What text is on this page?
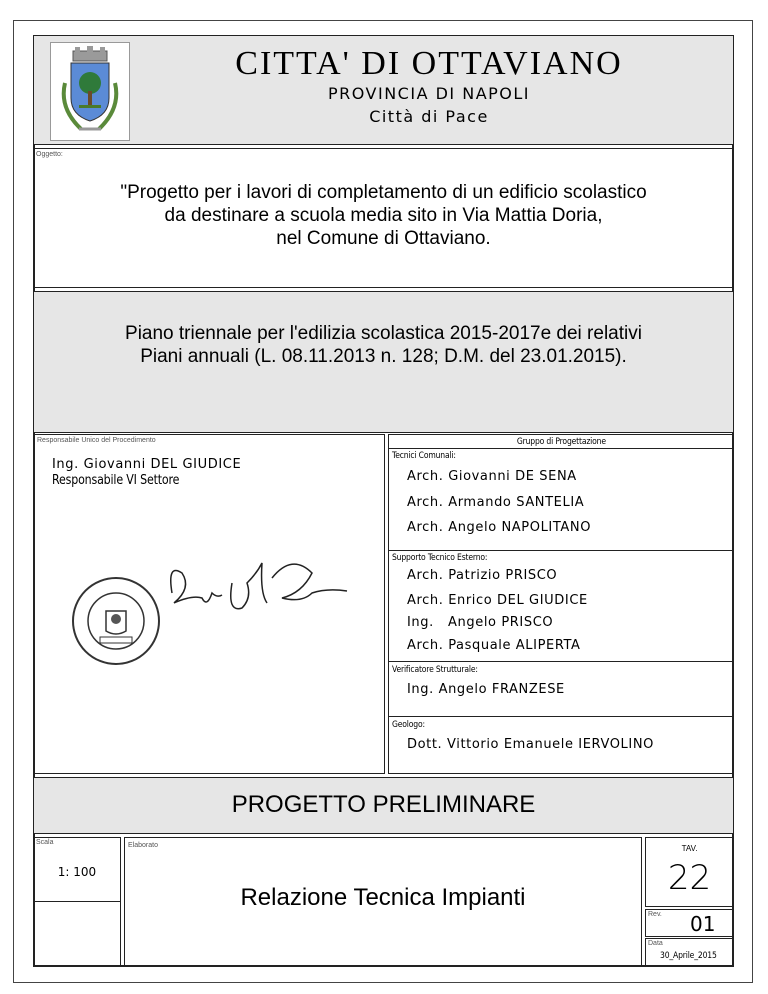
CITTA' DI OTTAVIANO
PROVINCIA DI NAPOLI
Città di Pace
Oggetto:
"Progetto per i lavori di completamento di un edificio scolastico
da destinare a scuola media sito in Via Mattia Doria,
nel Comune di Ottaviano.
Piano triennale per l'edilizia scolastica 2015-2017e dei relativi
Piani annuali (L. 08.11.2013 n. 128; D.M. del 23.01.2015).
Responsabile Unico del Procedimento
Ing. Giovanni DEL GIUDICE
Responsabile VI Settore
Gruppo di Progettazione
Tecnici Comunali:
Arch. Giovanni DE SENA
Arch. Armando SANTELIA
Arch. Angelo NAPOLITANO
Supporto Tecnico Esterno:
Arch. Patrizio PRISCO
Arch. Enrico DEL GIUDICE
Ing.   Angelo PRISCO
Arch. Pasquale ALIPERTA
Verificatore Strutturale:
Ing. Angelo FRANZESE
Geologo:
Dott. Vittorio Emanuele IERVOLINO
PROGETTO PRELIMINARE
Scala
1: 100
Elaborato
Relazione Tecnica Impianti
TAV.
22
Rev. 01
Data
30_Aprile_2015
